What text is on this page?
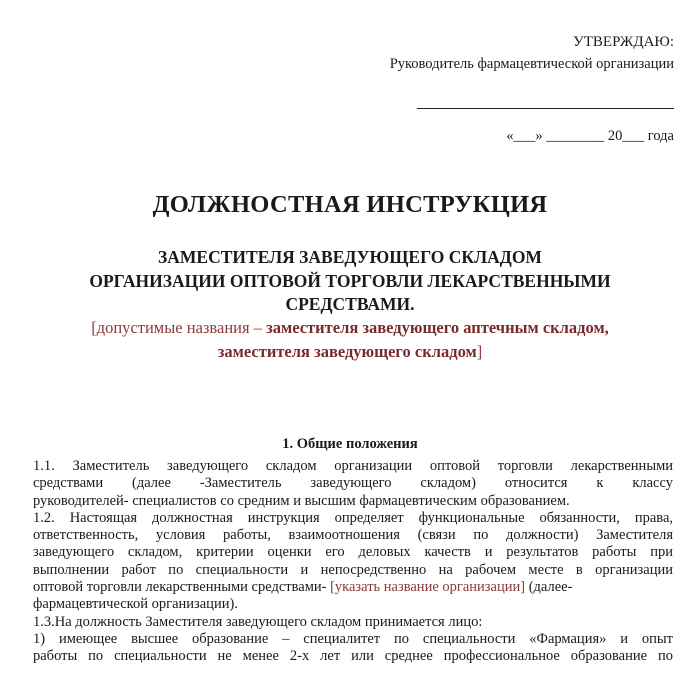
УТВЕРЖДАЮ:
Руководитель фармацевтической организации
«___» ________ 20___ года
ДОЛЖНОСТНАЯ ИНСТРУКЦИЯ
ЗАМЕСТИТЕЛЯ ЗАВЕДУЮЩЕГО СКЛАДОМ
ОРГАНИЗАЦИИ ОПТОВОЙ ТОРГОВЛИ ЛЕКАРСТВЕННЫМИ
СРЕДСТВАМИ.
[допустимые названия – заместителя заведующего аптечным складом,
заместителя заведующего складом]
1. Общие положения
1.1. Заместитель заведующего складом организации оптовой торговли лекарственными
средствами (далее -Заместитель заведующего складом) относится к классу
руководителей- специалистов со средним и высшим фармацевтическим образованием.
1.2. Настоящая должностная инструкция определяет функциональные обязанности, права,
ответственность, условия работы, взаимоотношения (связи по должности) Заместителя
заведующего складом, критерии оценки его деловых качеств и результатов работы при
выполнении работ по специальности и непосредственно на рабочем месте в организации
оптовой торговли лекарственными средствами- [указать название организации] (далее-
фармацевтической организации).
1.3.На должность Заместителя заведующего складом принимается лицо:
1) имеющее высшее образование – специалитет по специальности «Фармация» и опыт
работы по специальности не менее 2-х лет или среднее профессиональное образование по
